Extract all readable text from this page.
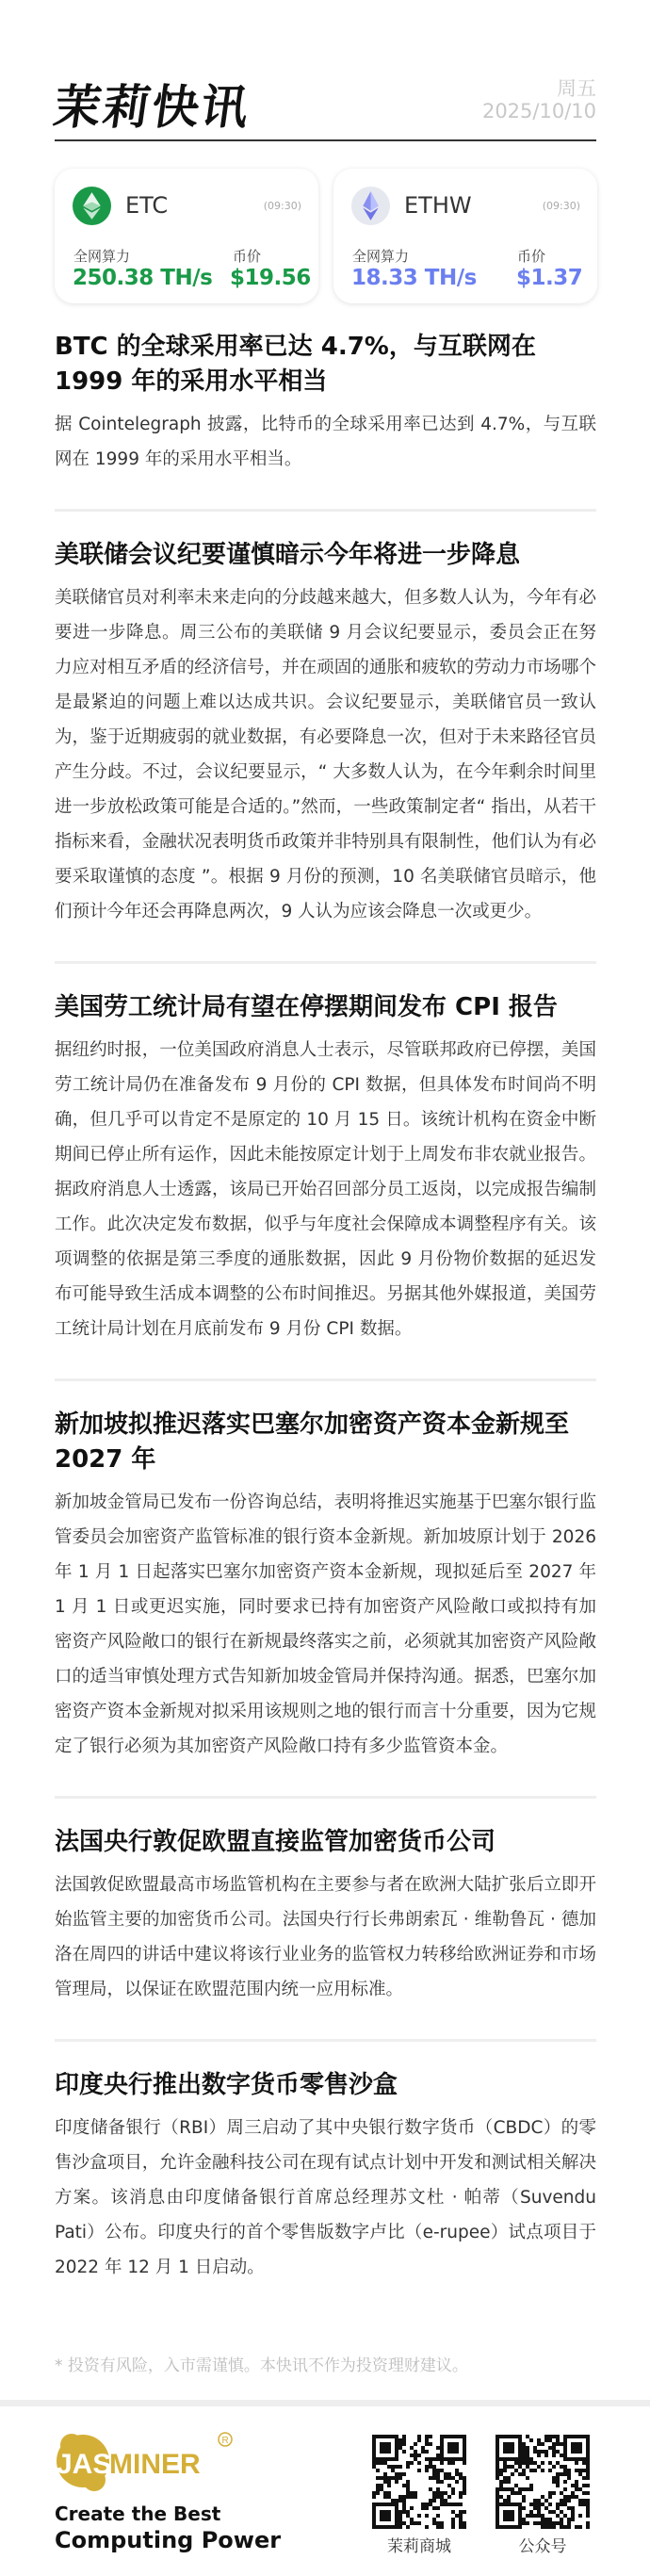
茉莉快讯	周五
2025/10/10
ETC	(09:30)
全网算力	币价
250.38 TH/s $19.56
ETHW	(09:30)
全网算力	币价
18.33 TH/s $1.37
BTC 的全球采用率已达 4.7%，与互联网在 1999 年的采用水平相当
据 Cointelegraph 披露，比特币的全球采用率已达到 4.7%，与互联网在 1999 年的采用水平相当。
美联储会议纪要谨慎暗示今年将进一步降息
美联储官员对利率未来走向的分歧越来越大，但多数人认为，今年有必要进一步降息。周三公布的美联储 9 月会议纪要显示，委员会正在努力应对相互矛盾的经济信号，并在顽固的通胀和疲软的劳动力市场哪个是最紧迫的问题上难以达成共识。会议纪要显示，美联储官员一致认为，鉴于近期疲弱的就业数据，有必要降息一次，但对于未来路径官员产生分歧。不过，会议纪要显示，“ 大多数人认为，在今年剩余时间里进一步放松政策可能是合适的。”然而，一些政策制定者“ 指出，从若干指标来看，金融状况表明货币政策并非特别具有限制性，他们认为有必要采取谨慎的态度 ”。根据 9 月份的预测，10 名美联储官员暗示，他们预计今年还会再降息两次，9 人认为应该会降息一次或更少。
美国劳工统计局有望在停摆期间发布 CPI 报告
据纽约时报，一位美国政府消息人士表示，尽管联邦政府已停摆，美国劳工统计局仍在准备发布 9 月份的 CPI 数据，但具体发布时间尚不明确，但几乎可以肯定不是原定的 10 月 15 日。该统计机构在资金中断期间已停止所有运作，因此未能按原定计划于上周发布非农就业报告。据政府消息人士透露，该局已开始召回部分员工返岗，以完成报告编制工作。此次决定发布数据，似乎与年度社会保障成本调整程序有关。该项调整的依据是第三季度的通胀数据，因此 9 月份物价数据的延迟发布可能导致生活成本调整的公布时间推迟。另据其他外媒报道，美国劳工统计局计划在月底前发布 9 月份 CPI 数据。
新加坡拟推迟落实巴塞尔加密资产资本金新规至 2027 年
新加坡金管局已发布一份咨询总结，表明将推迟实施基于巴塞尔银行监管委员会加密资产监管标准的银行资本金新规。新加坡原计划于 2026 年 1 月 1 日起落实巴塞尔加密资产资本金新规，现拟延后至 2027 年 1 月 1 日或更迟实施，同时要求已持有加密资产风险敞口或拟持有加密资产风险敞口的银行在新规最终落实之前，必须就其加密资产风险敞口的适当审慎处理方式告知新加坡金管局并保持沟通。据悉，巴塞尔加密资产资本金新规对拟采用该规则之地的银行而言十分重要，因为它规定了银行必须为其加密资产风险敞口持有多少监管资本金。
法国央行敦促欧盟直接监管加密货币公司
法国敦促欧盟最高市场监管机构在主要参与者在欧洲大陆扩张后立即开始监管主要的加密货币公司。法国央行行长弗朗索瓦 · 维勒鲁瓦 · 德加洛在周四的讲话中建议将该行业业务的监管权力转移给欧洲证券和市场管理局，以保证在欧盟范围内统一应用标准。
印度央行推出数字货币零售沙盒
印度储备银行（RBI）周三启动了其中央银行数字货币（CBDC）的零售沙盒项目，允许金融科技公司在现有试点计划中开发和测试相关解决方案。该消息由印度储备银行首席总经理苏文杜 · 帕蒂（Suvendu Pati）公布。印度央行的首个零售版数字卢比（e-rupee）试点项目于 2022 年 12 月 1 日启动。
* 投资有风险，入市需谨慎。本快讯不作为投资理财建议。
JAS
MINER
R
Create the Best
Computing Power	茉莉商城	公众号
